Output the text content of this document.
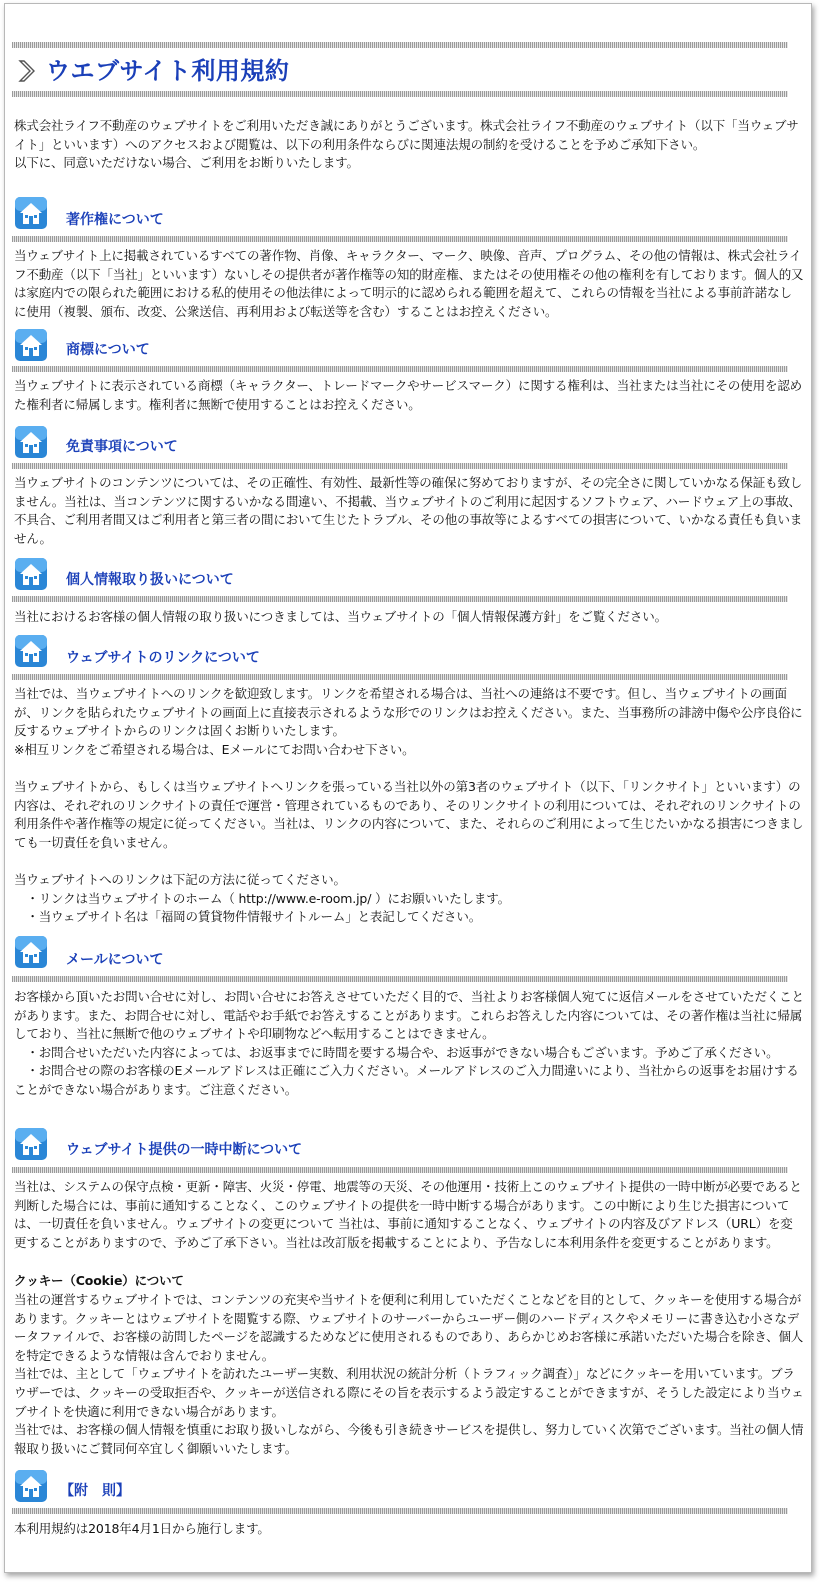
ウエブサイト利用規約

株式会社ライフ不動産のウェブサイトをご利用いただき誠にありがとうございます。株式会社ライフ不動産のウェブサイト（以下「当ウェブサイト」といいます）へのアクセスおよび閲覧は、以下の利用条件ならびに関連法規の制約を受けることを予めご承知下さい。
以下に、同意いただけない場合、ご利用をお断りいたします。

著作権について

当ウェブサイト上に掲載されているすべての著作物、肖像、キャラクター、マーク、映像、音声、プログラム、その他の情報は、株式会社ライフ不動産（以下「当社」といいます）ないしその提供者が著作権等の知的財産権、またはその使用権その他の権利を有しております。個人的又は家庭内での限られた範囲における私的使用その他法律によって明示的に認められる範囲を超えて、これらの情報を当社による事前許諾なしに使用（複製、頒布、改変、公衆送信、再利用および転送等を含む）することはお控えください。

商標について

当ウェブサイトに表示されている商標（キャラクター、トレードマークやサービスマーク）に関する権利は、当社または当社にその使用を認めた権利者に帰属します。権利者に無断で使用することはお控えください。

免責事項について

当ウェブサイトのコンテンツについては、その正確性、有効性、最新性等の確保に努めておりますが、その完全さに関していかなる保証も致しません。当社は、当コンテンツに関するいかなる間違い、不掲載、当ウェブサイトのご利用に起因するソフトウェア、ハードウェア上の事故、不具合、ご利用者間又はご利用者と第三者の間において生じたトラブル、その他の事故等によるすべての損害について、いかなる責任も負いません。

個人情報取り扱いについて

当社におけるお客様の個人情報の取り扱いにつきましては、当ウェブサイトの「個人情報保護方針」をご覧ください。

ウェブサイトのリンクについて

当社では、当ウェブサイトへのリンクを歓迎致します。リンクを希望される場合は、当社への連絡は不要です。但し、当ウェブサイトの画面が、リンクを貼られたウェブサイトの画面上に直接表示されるような形でのリンクはお控えください。また、当事務所の誹謗中傷や公序良俗に反するウェブサイトからのリンクは固くお断りいたします。
※相互リンクをご希望される場合は、Eメールにてお問い合わせ下さい。

当ウェブサイトから、もしくは当ウェブサイトへリンクを張っている当社以外の第3者のウェブサイト（以下、「リンクサイト」といいます）の内容は、それぞれのリンクサイトの責任で運営・管理されているものであり、そのリンクサイトの利用については、それぞれのリンクサイトの利用条件や著作権等の規定に従ってください。当社は、リンクの内容について、また、それらのご利用によって生じたいかなる損害につきましても一切責任を負いません。

当ウェブサイトへのリンクは下記の方法に従ってください。
　・リンクは当ウェブサイトのホーム（ http://www.e-room.jp/ ）にお願いいたします。
　・当ウェブサイト名は「福岡の賃貸物件情報サイトルーム」と表記してください。

メールについて

お客様から頂いたお問い合せに対し、お問い合せにお答えさせていただく目的で、当社よりお客様個人宛てに返信メールをさせていただくことがあります。また、お問合せに対し、電話やお手紙でお答えすることがあります。これらお答えした内容については、その著作権は当社に帰属しており、当社に無断で他のウェブサイトや印刷物などへ転用することはできません。
　・お問合せいただいた内容によっては、お返事までに時間を要する場合や、お返事ができない場合もございます。予めご了承ください。
　・お問合せの際のお客様のEメールアドレスは正確にご入力ください。メールアドレスのご入力間違いにより、当社からの返事をお届けすることができない場合があります。ご注意ください。

ウェブサイト提供の一時中断について

当社は、システムの保守点検・更新・障害、火災・停電、地震等の天災、その他運用・技術上このウェブサイト提供の一時中断が必要であると判断した場合には、事前に通知することなく、このウェブサイトの提供を一時中断する場合があります。この中断により生じた損害については、一切責任を負いません。ウェブサイトの変更について 当社は、事前に通知することなく、ウェブサイトの内容及びアドレス（URL）を変更することがありますので、予めご了承下さい。当社は改訂版を掲載することにより、予告なしに本利用条件を変更することがあります。

クッキー（Cookie）について

当社の運営するウェブサイトでは、コンテンツの充実や当サイトを便利に利用していただくことなどを目的として、クッキーを使用する場合があります。クッキーとはウェブサイトを閲覧する際、ウェブサイトのサーバーからユーザー側のハードディスクやメモリーに書き込む小さなデータファイルで、お客様の訪問したページを認識するためなどに使用されるものであり、あらかじめお客様に承諾いただいた場合を除き、個人を特定できるような情報は含んでおりません。
当社では、主として「ウェブサイトを訪れたユーザー実数、利用状況の統計分析（トラフィック調査）」などにクッキーを用いています。ブラウザーでは、クッキーの受取拒否や、クッキーが送信される際にその旨を表示するよう設定することができますが、そうした設定により当ウェブサイトを快適に利用できない場合があります。
当社では、お客様の個人情報を慎重にお取り扱いしながら、今後も引き続きサービスを提供し、努力していく次第でございます。当社の個人情報取り扱いにご賛同何卒宜しく御願いいたします。

【附　則】

本利用規約は2018年4月1日から施行します。
